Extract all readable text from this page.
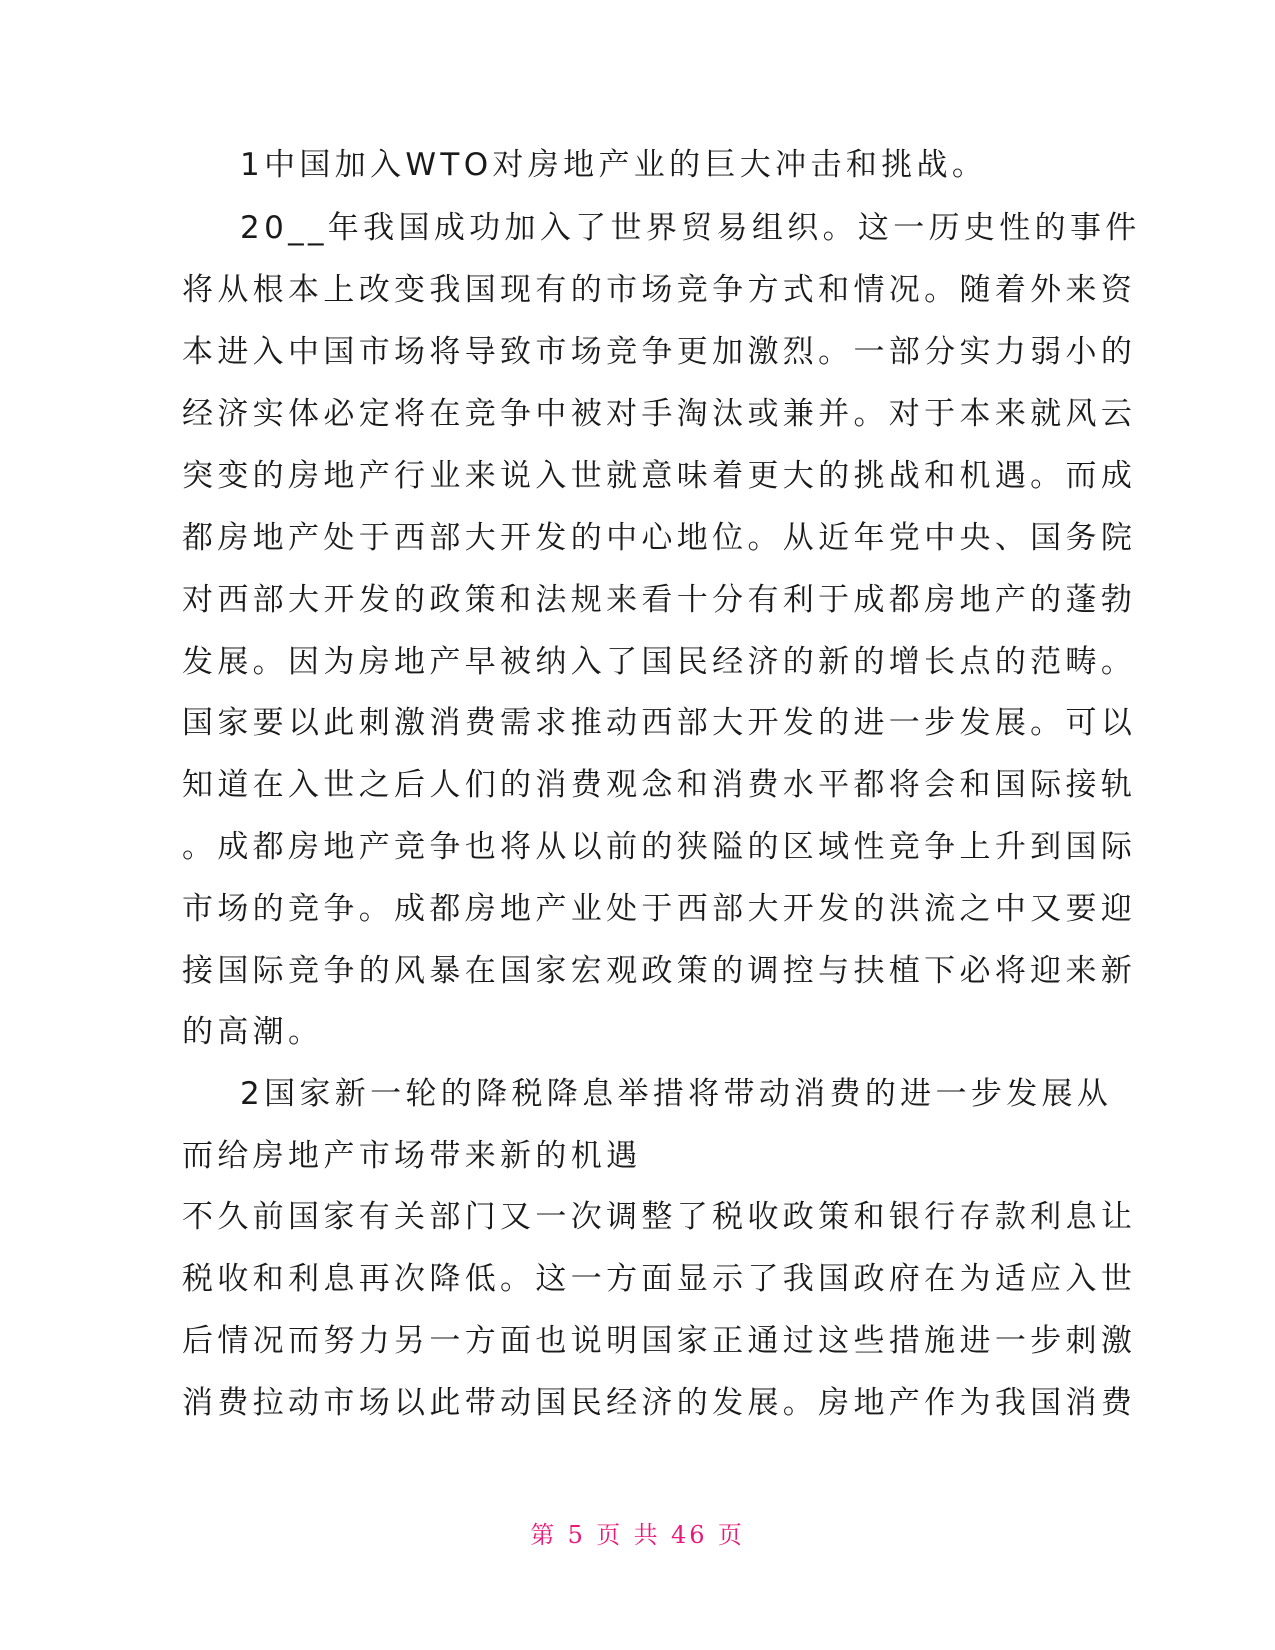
1中国加入WTO对房地产业的巨大冲击和挑战。
20__年我国成功加入了世界贸易组织。这一历史性的事件
将从根本上改变我国现有的市场竞争方式和情况。随着外来资
本进入中国市场将导致市场竞争更加激烈。一部分实力弱小的
经济实体必定将在竞争中被对手淘汰或兼并。对于本来就风云
突变的房地产行业来说入世就意味着更大的挑战和机遇。而成
都房地产处于西部大开发的中心地位。从近年党中央、国务院
对西部大开发的政策和法规来看十分有利于成都房地产的蓬勃
发展。因为房地产早被纳入了国民经济的新的增长点的范畴。
国家要以此刺激消费需求推动西部大开发的进一步发展。可以
知道在入世之后人们的消费观念和消费水平都将会和国际接轨
。成都房地产竞争也将从以前的狭隘的区域性竞争上升到国际
市场的竞争。成都房地产业处于西部大开发的洪流之中又要迎
接国际竞争的风暴在国家宏观政策的调控与扶植下必将迎来新
的高潮。
2国家新一轮的降税降息举措将带动消费的进一步发展从
而给房地产市场带来新的机遇
不久前国家有关部门又一次调整了税收政策和银行存款利息让
税收和利息再次降低。这一方面显示了我国政府在为适应入世
后情况而努力另一方面也说明国家正通过这些措施进一步刺激
消费拉动市场以此带动国民经济的发展。房地产作为我国消费
第 5 页 共 46 页
